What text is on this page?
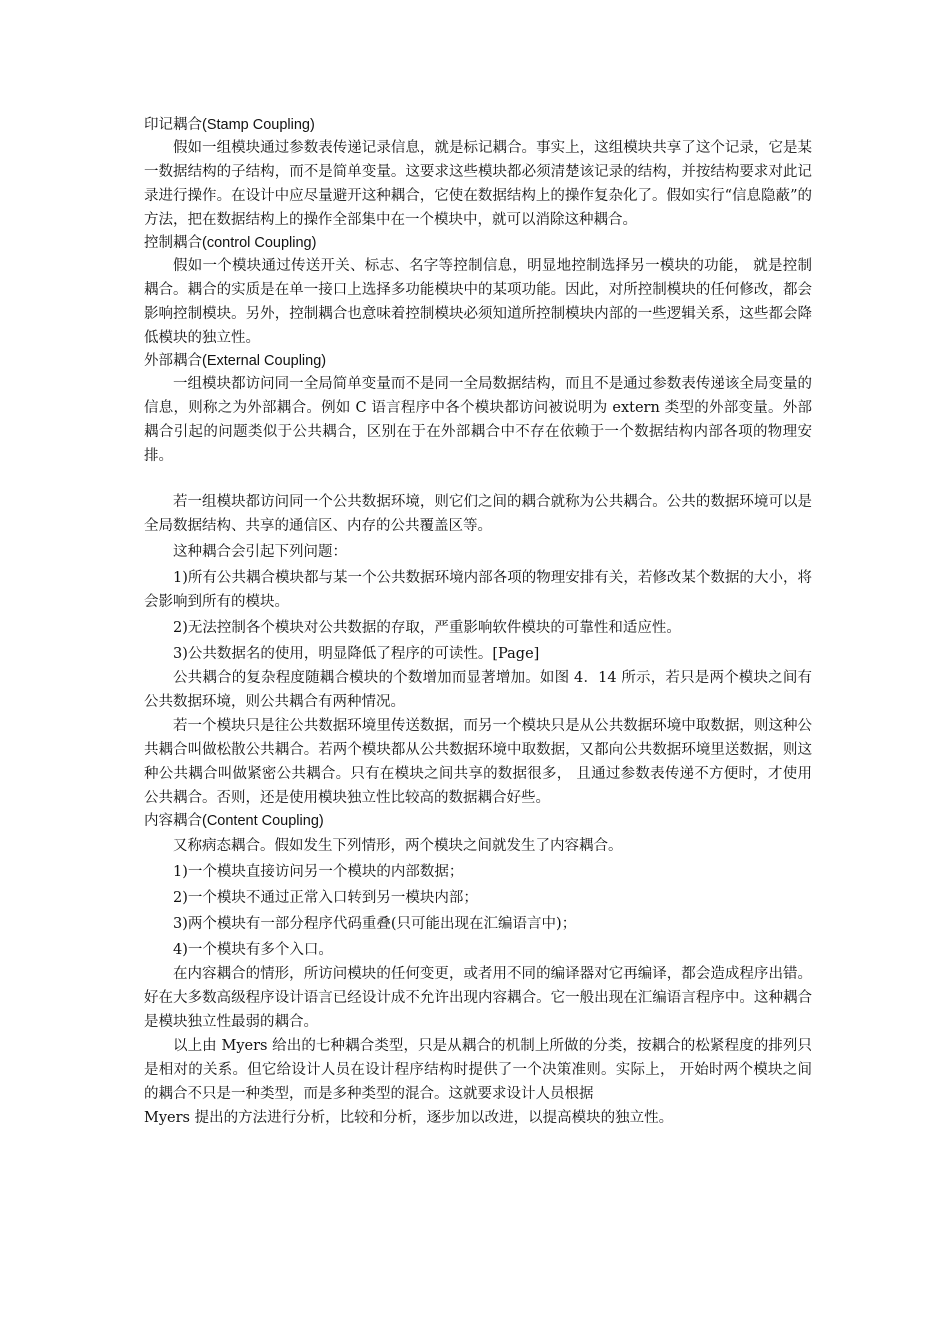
印记耦合(Stamp Coupling)

假如一组模块通过参数表传递记录信息，就是标记耦合。事实上，这组模块共享了这个记录，它是某一数据结构的子结构，而不是简单变量。这要求这些模块都必须清楚该记录的结构，并按结构要求对此记录进行操作。在设计中应尽量避开这种耦合，它使在数据结构上的操作复杂化了。假如实行“信息隐蔽”的方法，把在数据结构上的操作全部集中在一个模块中，就可以消除这种耦合。

控制耦合(control Coupling)

假如一个模块通过传送开关、标志、名字等控制信息，明显地控制选择另一模块的功能， 就是控制耦合。耦合的实质是在单一接口上选择多功能模块中的某项功能。因此，对所控制模块的任何修改，都会影响控制模块。另外，控制耦合也意味着控制模块必须知道所控制模块内部的一些逻辑关系，这些都会降低模块的独立性。

外部耦合(External Coupling)

一组模块都访问同一全局简单变量而不是同一全局数据结构，而且不是通过参数表传递该全局变量的信息，则称之为外部耦合。例如 C 语言程序中各个模块都访问被说明为 extern 类型的外部变量。外部耦合引起的问题类似于公共耦合，区别在于在外部耦合中不存在依赖于一个数据结构内部各项的物理安排。

若一组模块都访问同一个公共数据环境，则它们之间的耦合就称为公共耦合。公共的数据环境可以是全局数据结构、共享的通信区、内存的公共覆盖区等。

这种耦合会引起下列问题：

1)所有公共耦合模块都与某一个公共数据环境内部各项的物理安排有关，若修改某个数据的大小，将会影响到所有的模块。

2)无法控制各个模块对公共数据的存取，严重影响软件模块的可靠性和适应性。

3)公共数据名的使用，明显降低了程序的可读性。[Page]

公共耦合的复杂程度随耦合模块的个数增加而显著增加。如图 4．14 所示，若只是两个模块之间有公共数据环境，则公共耦合有两种情况。

若一个模块只是往公共数据环境里传送数据，而另一个模块只是从公共数据环境中取数据，则这种公共耦合叫做松散公共耦合。若两个模块都从公共数据环境中取数据，又都向公共数据环境里送数据，则这种公共耦合叫做紧密公共耦合。只有在模块之间共享的数据很多， 且通过参数表传递不方便时，才使用公共耦合。否则，还是使用模块独立性比较高的数据耦合好些。

内容耦合(Content Coupling)

又称病态耦合。假如发生下列情形，两个模块之间就发生了内容耦合。

1)一个模块直接访问另一个模块的内部数据；

2)一个模块不通过正常入口转到另一模块内部；

3)两个模块有一部分程序代码重叠(只可能出现在汇编语言中)；

4)一个模块有多个入口。

在内容耦合的情形，所访问模块的任何变更，或者用不同的编译器对它再编译，都会造成程序出错。好在大多数高级程序设计语言已经设计成不允许出现内容耦合。它一般出现在汇编语言程序中。这种耦合是模块独立性最弱的耦合。

以上由 Myers 给出的七种耦合类型，只是从耦合的机制上所做的分类，按耦合的松紧程度的排列只是相对的关系。但它给设计人员在设计程序结构时提供了一个决策准则。实际上， 开始时两个模块之间的耦合不只是一种类型，而是多种类型的混合。这就要求设计人员根据

Myers 提出的方法进行分析，比较和分析，逐步加以改进，以提高模块的独立性。
